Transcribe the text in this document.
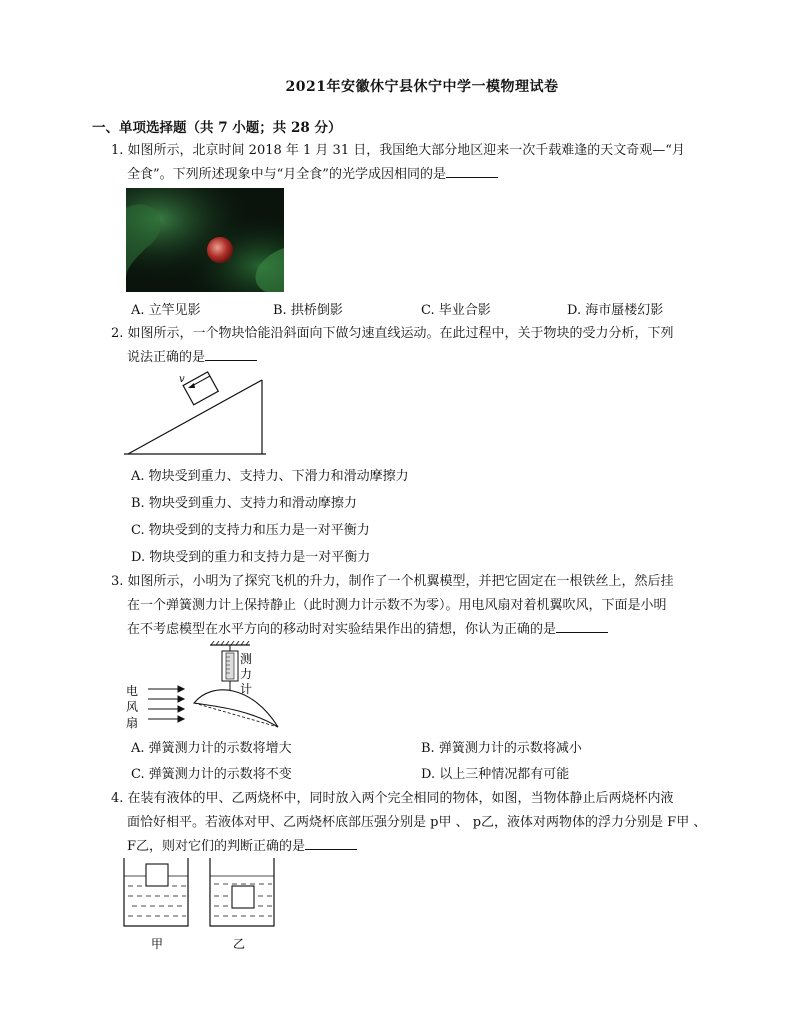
2021年安徽休宁县休宁中学一模物理试卷
一、单项选择题（共 7 小题；共 28 分）
1. 如图所示，北京时间 2018 年 1 月 31 日，我国绝大部分地区迎来一次千载难逢的天文奇观—“月
全食”。下列所述现象中与“月全食”的光学成因相同的是
A. 立竿见影	B. 拱桥倒影	C. 毕业合影	D. 海市蜃楼幻影
2. 如图所示，一个物块恰能沿斜面向下做匀速直线运动。在此过程中，关于物块的受力分析，下列
说法正确的是
v
A. 物块受到重力、支持力、下滑力和滑动摩擦力
B. 物块受到重力、支持力和滑动摩擦力
C. 物块受到的支持力和压力是一对平衡力
D. 物块受到的重力和支持力是一对平衡力
3. 如图所示，小明为了探究飞机的升力，制作了一个机翼模型，并把它固定在一根铁丝上，然后挂
在一个弹簧测力计上保持静止（此时测力计示数不为零）。用电风扇对着机翼吹风，下面是小明
在不考虑模型在水平方向的移动时对实验结果作出的猜想，你认为正确的是
电
风
扇
测
力
计
A. 弹簧测力计的示数将增大	B. 弹簧测力计的示数将减小
C. 弹簧测力计的示数将不变	D. 以上三种情况都有可能
4. 在装有液体的甲、乙两烧杯中，同时放入两个完全相同的物体，如图，当物体静止后两烧杯内液
面恰好相平。若液体对甲、乙两烧杯底部压强分别是 p甲 、 p乙，液体对两物体的浮力分别是 F甲 、
F乙，则对它们的判断正确的是
甲	乙
